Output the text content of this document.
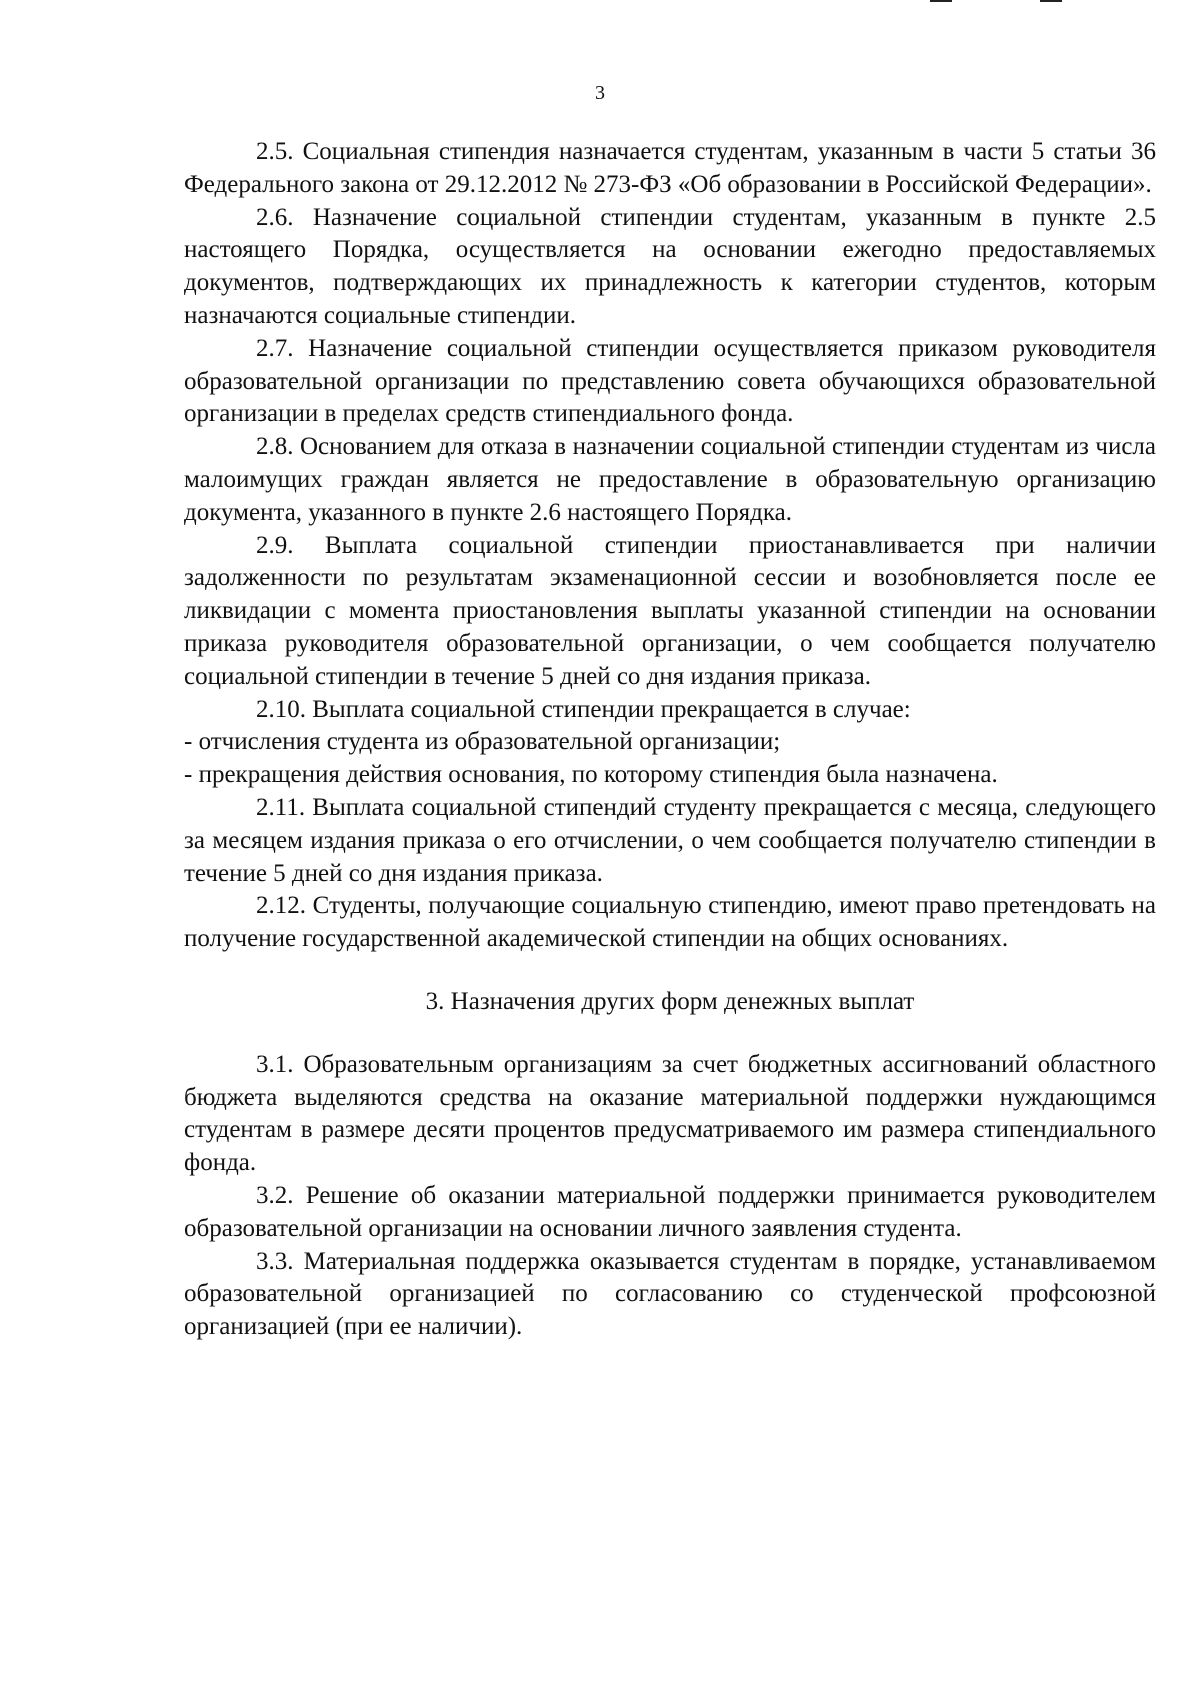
3

2.5. Социальная стипендия назначается студентам, указанным в части 5 статьи 36 Федерального закона от 29.12.2012 № 273-ФЗ «Об образовании в Российской Федерации».

2.6. Назначение социальной стипендии студентам, указанным в пункте 2.5 настоящего Порядка, осуществляется на основании ежегодно предоставляемых документов, подтверждающих их принадлежность к категории студентов, которым назначаются социальные стипендии.

2.7. Назначение социальной стипендии осуществляется приказом руководителя образовательной организации по представлению совета обучающихся образовательной организации в пределах средств стипендиального фонда.

2.8. Основанием для отказа в назначении социальной стипендии студентам из числа малоимущих граждан является не предоставление в образовательную организацию документа, указанного в пункте 2.6 настоящего Порядка.

2.9. Выплата социальной стипендии приостанавливается при наличии задолженности по результатам экзаменационной сессии и возобновляется после ее ликвидации с момента приостановления выплаты указанной стипендии на основании приказа руководителя образовательной организации, о чем сообщается получателю социальной стипендии в течение 5 дней со дня издания приказа.

2.10. Выплата социальной стипендии прекращается в случае:

- отчисления студента из образовательной организации;

- прекращения действия основания, по которому стипендия была назначена.

2.11. Выплата социальной стипендий студенту прекращается с месяца, следующего за месяцем издания приказа о его отчислении, о чем сообщается получателю стипендии в течение 5 дней со дня издания приказа.

2.12. Студенты, получающие социальную стипендию, имеют право претендовать на получение государственной академической стипендии на общих основаниях.

3. Назначения других форм денежных выплат

3.1. Образовательным организациям за счет бюджетных ассигнований областного бюджета выделяются средства на оказание материальной поддержки нуждающимся студентам в размере десяти процентов предусматриваемого им размера стипендиального фонда.

3.2. Решение об оказании материальной поддержки принимается руководителем образовательной организации на основании личного заявления студента.

3.3. Материальная поддержка оказывается студентам в порядке, устанавливаемом образовательной организацией по согласованию со студенческой профсоюзной организацией (при ее наличии).
